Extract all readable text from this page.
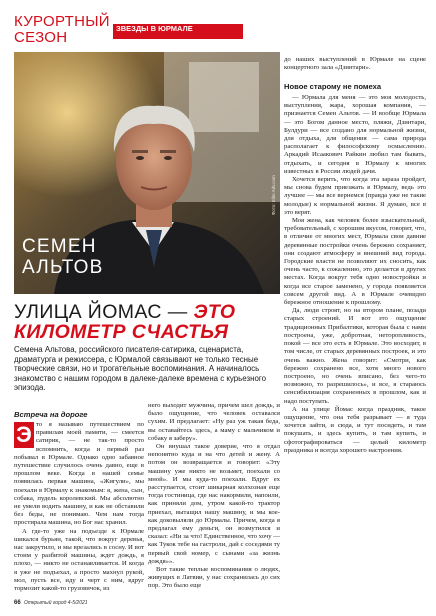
КУРОРТНЫЙ СЕЗОН
ЗВЕЗДЫ В ЮРМАЛЕ
Фото: Elite Adv.com
СЕМЕН
АЛЬТОВ
до наших выступлений в Юрмале на сцене концертного зала «Дзинтари».
Новое старому не помеха

— Юрмала для меня — это моя молодость, выступления, жара, хорошая компания, — признается Семен Альтов. — И вообще Юрмала — это Богом данное место, пляжи, Дзинтари, Булдури — все создано для нормальной жизни, для отдыха, для общения — сама природа располагает к философскому осмыслению. Аркадий Исаакович Райкин любил там бывать, отдыхать, и сегодня в Юрмалу к многих известных в России людей дачи.

Хочется верить, что когда эта зараза пройдет, мы снова будем приезжать в Юрмалу, ведь это лучшее — мы все вернемся (правда уже не такие молодые) к нормальной жизни. Я думаю, все в это верят.

Моя жена, как человек более взыскательный, требовательный, с хорошим вкусом, говорит, что, в отличие от многих мест, Юрмала свои давние деревянные постройки очень бережно сохраняет, они создают атмосферу и внешний вид города. Городские власти не позволяют их сносить, как очень часто, к сожалению, это делается в других местах. Когда вокруг тебя одно новостройки и когда все старое заменено, у города появляется совсем другой вид. А в Юрмале очевидно бережное отношение к прошлому.

Да, люди строят, но на втором плане, позади старых строений. И вот это ощущение традиционных Прибалтики, которая была с нами построена, уже, добротная, неторопливость, покой — все это есть в Юрмале. Это восходит, в том числе, от старых деревянных построек, и это очень важно. Жена говорит: «Смотри, как бережно сохранено все, хотя много нового построено, но очень вписано, без чего-то возможно, то разрешилось», и все, я стараюсь сенсибилизация сохраненных в прошлом, как и надо поступать.

А на улице Йомас когда праздник, такое ощущение, что она тебя разрывает — я туда хочется зайти, и сюда, и тут посидеть, и там покушать, и здесь купить, и там купить, и сфотографироваться — целый километр праздника и всегда хорошего настроения.

УЛИЦА ЙОМАС — ЭТО
КИЛОМЕТР СЧАСТЬЯ
Семена Альтова, российского писателя-сатирика, сценариста, драматурга и режиссера, с Юрмалой связывают не только тесные творческие связи, но и трогательные воспоминания. А начиналось знакомство с нашим городом в далеке-далеке времена с курьезного эпизода.
Встреча на дороге

то я называю путешествием по правилам моей памяти, — смеется сатирик, — не так-то просто вспомнить, когда и первый раз побывал в Юрмале. Однако одно забавное путешествие случилось очень давно, еще в прошлом веке. Когда в нашей семье появилась первая машина, «Жигули», мы поехали в Юрмалу к знакомым: я, жена, сын, собака, пудель королевский. Мы абсолютно не умели водить машину, и как не обставили без беды, не понимаю. Чем нам тогда простирала машина, но Бог нас хранил.

А где-то уже на подъезде к Юрмале шикался бурьян, такой, что вокруг деревья, нас закрутило, и мы врезались в сосну. И вот стоим у разбитой машины, ждет дождь, я плохо, — никто не останавливается. И когда я уже не подъехал, а просто махнул рукой, мол, пусть все, иду и черт с ним, вдруг тормозит какой-то грузовичок, из

Э

него выходит мужчина, причем шел дождь, и было ощущение, что человек оставался сухим. И предлагает: «Ну раз уж такая беда, вы оставайтесь здесь, а маму с мальчиком и собаку я заберу».

Он внушал такое доверие, что я отдал непонятно куда и на что детей и жену. А потом он возвращается и говорит: «Эту машину уже никто не возьмет, поехали со мной». И мы куда-то поехали. Вдруг ех расступается, стоит шикарная колхозная еще тогда гостиница, где нас накормили, напоили, как приняли дом, утром какой-то трактор приехал, вытащил нашу машину, и мы кое-как доковыляли до Юрмалы. Причем, когда я предлагал ему деньги, он возмутился и сказал: «Ни за что! Единственное, что хочу — как Тукок тебе на гастроли, дай с соседями ту первый свой номер, с сынами «за жизнь дождя»».

Вот такие теплые воспоминания о людях, живущих в Латвии, у нас сохранилась до сих пор. Это было еще

66 Открытый город 4-5/2021
